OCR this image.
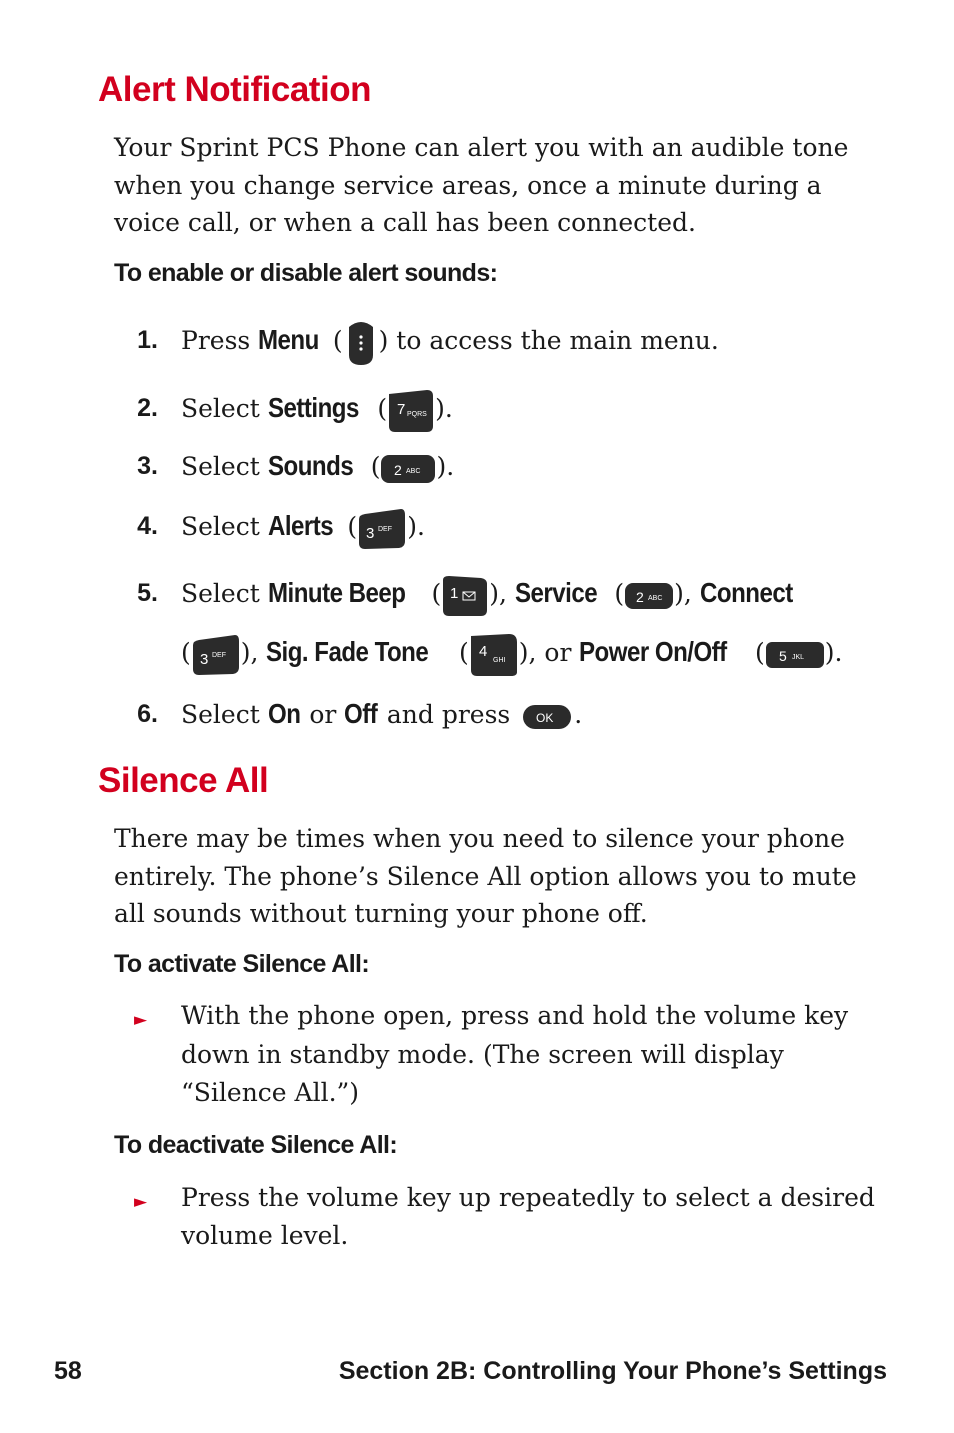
Alert Notification
Your Sprint PCS Phone can alert you with an audible tone
when you change service areas, once a minute during a
voice call, or when a call has been connected.
To enable or disable alert sounds:
1. Press Menu ( ) to access the main menu.
2. Select Settings ( 7 PQRS ).
3. Select Sounds ( 2 ABC ).
4. Select Alerts ( 3 DEF ).
5. Select Minute Beep ( 1 ), Service ( 2 ABC ), Connect
( 3 DEF ), Sig. Fade Tone ( 4
GHI ), or Power On/Off ( 5 JKL ).
6. Select On or Off and press OK .
Silence All
There may be times when you need to silence your phone
entirely. The phone’s Silence All option allows you to mute
all sounds without turning your phone off.
To activate Silence All:
► With the phone open, press and hold the volume key
down in standby mode. (The screen will display
“Silence All.”)
To deactivate Silence All:
► Press the volume key up repeatedly to select a desired
volume level.
58	Section 2B: Controlling Your Phone’s Settings
